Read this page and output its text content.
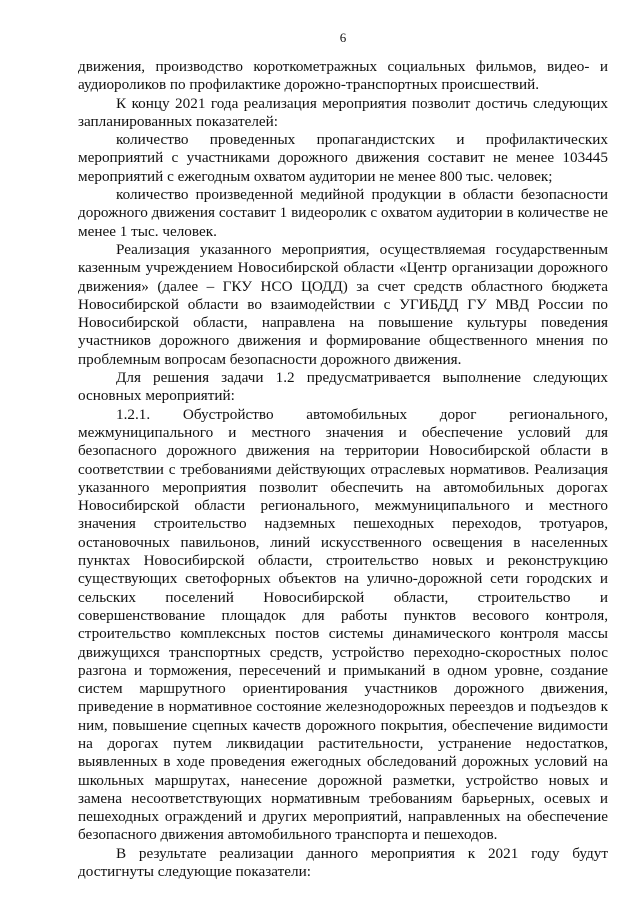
6

движения, производство короткометражных социальных фильмов, видео- и аудиороликов по профилактике дорожно-транспортных происшествий.

К концу 2021 года реализация мероприятия позволит достичь следующих запланированных показателей:

количество проведенных пропагандистских и профилактических мероприятий с участниками дорожного движения составит не менее 103445 мероприятий с ежегодным охватом аудитории не менее 800 тыс. человек;

количество произведенной медийной продукции в области безопасности дорожного движения составит 1 видеоролик с охватом аудитории в количестве не менее 1 тыс. человек.

Реализация указанного мероприятия, осуществляемая государственным казенным учреждением Новосибирской области «Центр организации дорожного движения» (далее – ГКУ НСО ЦОДД) за счет средств областного бюджета Новосибирской области во взаимодействии с УГИБДД ГУ МВД России по Новосибирской области, направлена на повышение культуры поведения участников дорожного движения и формирование общественного мнения по проблемным вопросам безопасности дорожного движения.

Для решения задачи 1.2 предусматривается выполнение следующих основных мероприятий:

1.2.1. Обустройство автомобильных дорог регионального, межмуниципального и местного значения и обеспечение условий для безопасного дорожного движения на территории Новосибирской области в соответствии с требованиями действующих отраслевых нормативов. Реализация указанного мероприятия позволит обеспечить на автомобильных дорогах Новосибирской области регионального, межмуниципального и местного значения строительство надземных пешеходных переходов, тротуаров, остановочных павильонов, линий искусственного освещения в населенных пунктах Новосибирской области, строительство новых и реконструкцию существующих светофорных объектов на улично-дорожной сети городских и сельских поселений Новосибирской области, строительство и совершенствование площадок для работы пунктов весового контроля, строительство комплексных постов системы динамического контроля массы движущихся транспортных средств, устройство переходно-скоростных полос разгона и торможения, пересечений и примыканий в одном уровне, создание систем маршрутного ориентирования участников дорожного движения, приведение в нормативное состояние железнодорожных переездов и подъездов к ним, повышение сцепных качеств дорожного покрытия, обеспечение видимости на дорогах путем ликвидации растительности, устранение недостатков, выявленных в ходе проведения ежегодных обследований дорожных условий на школьных маршрутах, нанесение дорожной разметки, устройство новых и замена несоответствующих нормативным требованиям барьерных, осевых и пешеходных ограждений и других мероприятий, направленных на обеспечение безопасного движения автомобильного транспорта и пешеходов.

В результате реализации данного мероприятия к 2021 году будут достигнуты следующие показатели:
